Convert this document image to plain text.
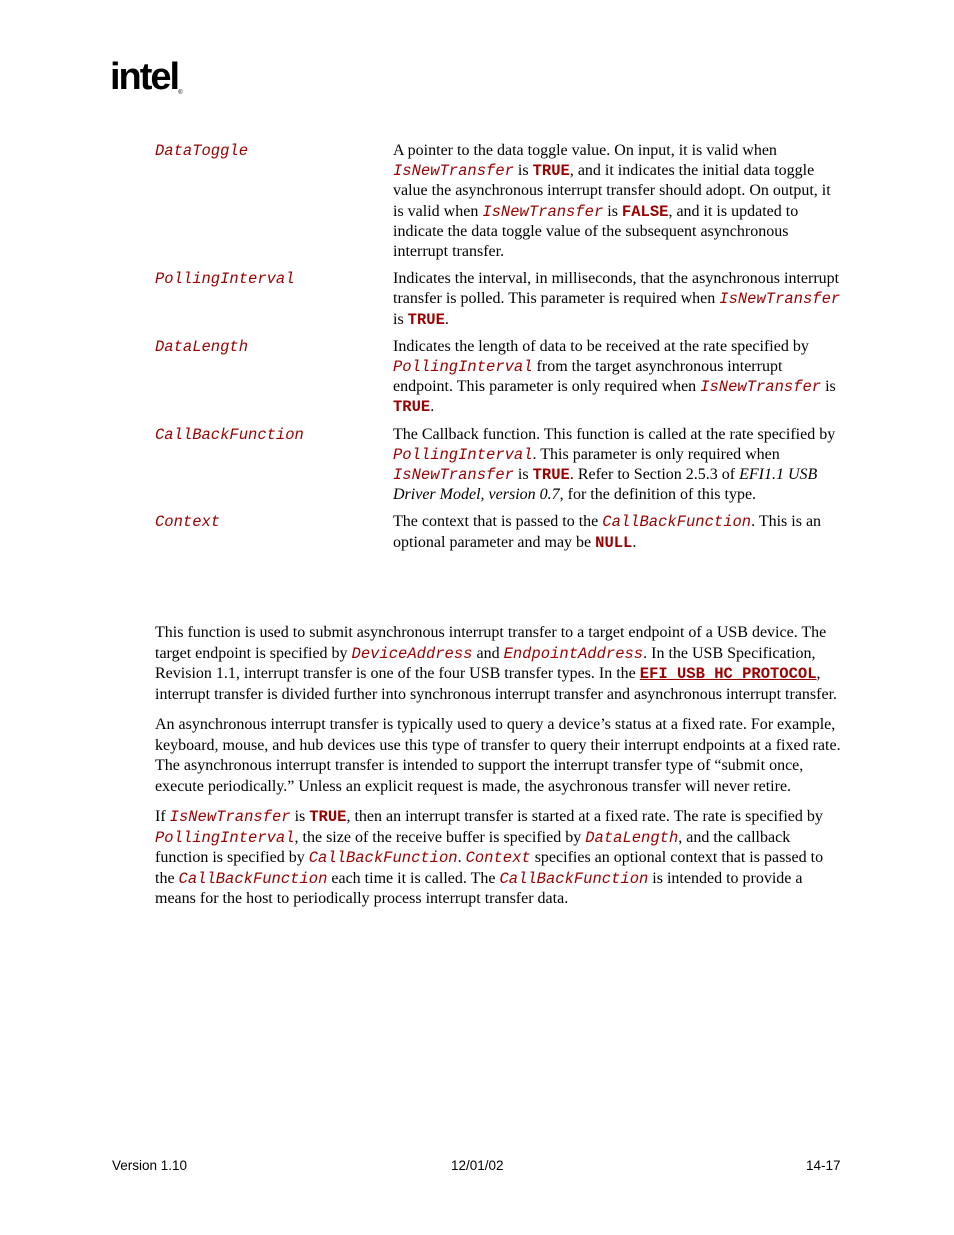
intel®
DataToggle	A pointer to the data toggle value. On input, it is valid when IsNewTransfer is TRUE, and it indicates the initial data toggle value the asynchronous interrupt transfer should adopt. On output, it is valid when IsNewTransfer is FALSE, and it is updated to indicate the data toggle value of the subsequent asynchronous interrupt transfer.
PollingInterval	Indicates the interval, in milliseconds, that the asynchronous interrupt transfer is polled. This parameter is required when IsNewTransfer is TRUE.
DataLength	Indicates the length of data to be received at the rate specified by PollingInterval from the target asynchronous interrupt endpoint. This parameter is only required when IsNewTransfer is TRUE.
CallBackFunction	The Callback function. This function is called at the rate specified by PollingInterval. This parameter is only required when IsNewTransfer is TRUE. Refer to Section 2.5.3 of EFI1.1 USB Driver Model, version 0.7, for the definition of this type.
Context	The context that is passed to the CallBackFunction. This is an optional parameter and may be NULL.

This function is used to submit asynchronous interrupt transfer to a target endpoint of a USB device. The target endpoint is specified by DeviceAddress and EndpointAddress. In the USB Specification, Revision 1.1, interrupt transfer is one of the four USB transfer types. In the EFI_USB_HC_PROTOCOL, interrupt transfer is divided further into synchronous interrupt transfer and asynchronous interrupt transfer.

An asynchronous interrupt transfer is typically used to query a device’s status at a fixed rate. For example, keyboard, mouse, and hub devices use this type of transfer to query their interrupt endpoints at a fixed rate. The asynchronous interrupt transfer is intended to support the interrupt transfer type of “submit once, execute periodically.” Unless an explicit request is made, the asychronous transfer will never retire.

If IsNewTransfer is TRUE, then an interrupt transfer is started at a fixed rate. The rate is specified by PollingInterval, the size of the receive buffer is specified by DataLength, and the callback function is specified by CallBackFunction. Context specifies an optional context that is passed to the CallBackFunction each time it is called. The CallBackFunction is intended to provide a means for the host to periodically process interrupt transfer data.

Version 1.10	12/01/02	14-17
